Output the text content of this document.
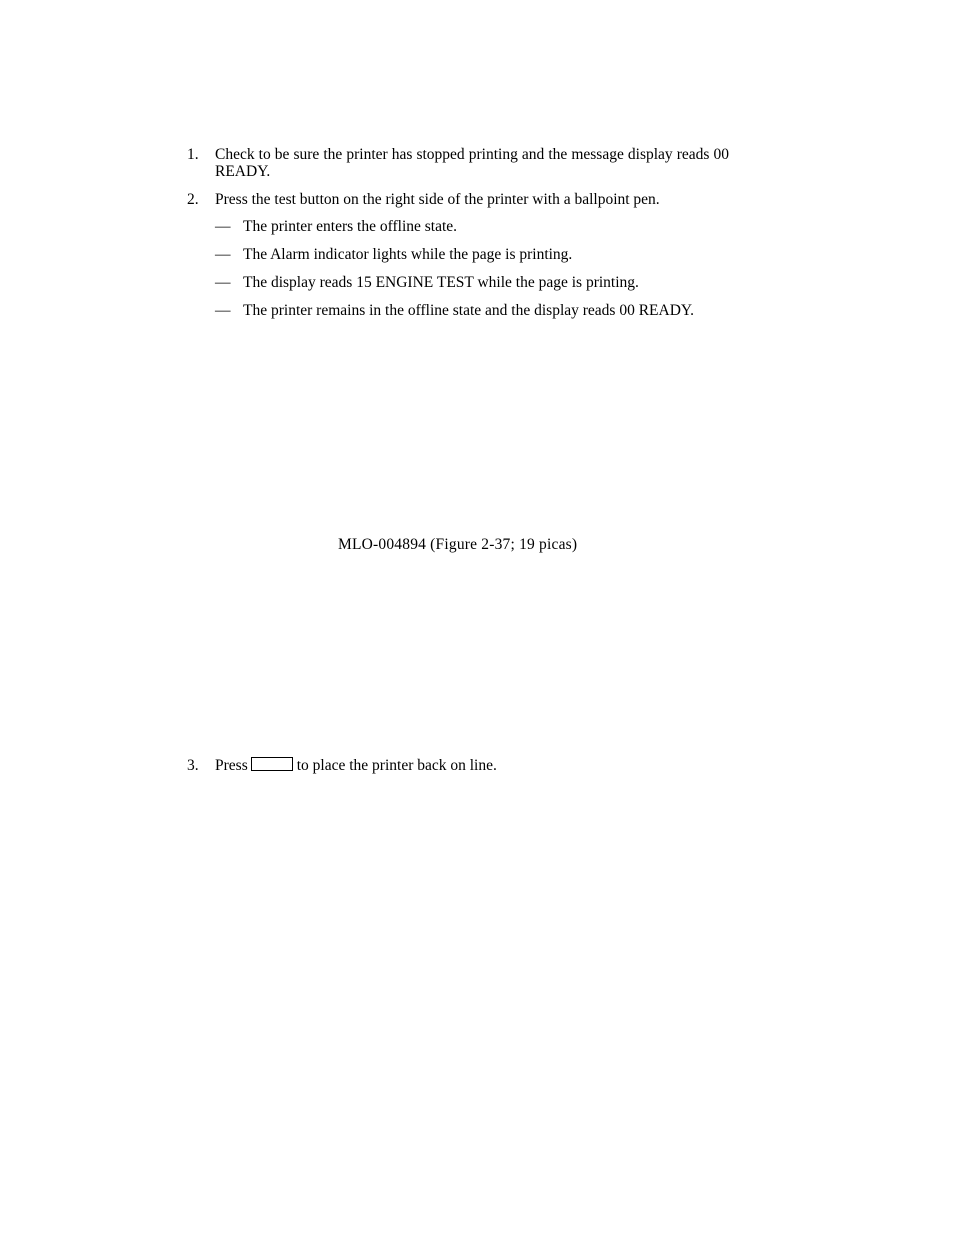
1. Check to be sure the printer has stopped printing and the message display reads 00 READY.
2. Press the test button on the right side of the printer with a ballpoint pen.
— The printer enters the offline state.
— The Alarm indicator lights while the page is printing.
— The display reads 15 ENGINE TEST while the page is printing.
— The printer remains in the offline state and the display reads 00 READY.
MLO-004894 (Figure 2-37; 19 picas)
3. Press	to place the printer back on line.
